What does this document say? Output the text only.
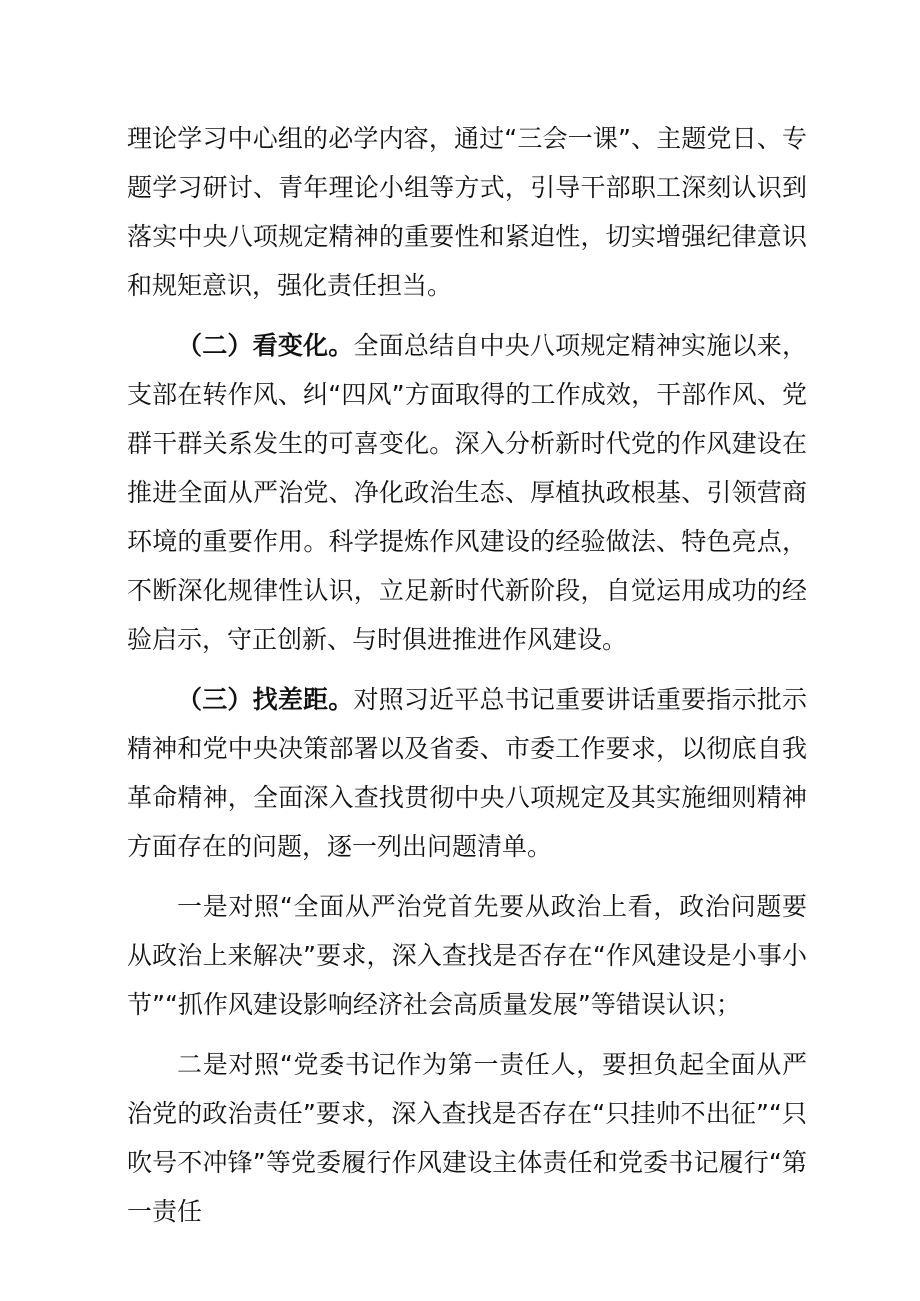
理论学习中心组的必学内容，通过“三会一课”、主题党日、专题学习研讨、青年理论小组等方式，引导干部职工深刻认识到落实中央八项规定精神的重要性和紧迫性，切实增强纪律意识和规矩意识，强化责任担当。

（二）看变化。全面总结自中央八项规定精神实施以来，支部在转作风、纠“四风”方面取得的工作成效，干部作风、党群干群关系发生的可喜变化。深入分析新时代党的作风建设在推进全面从严治党、净化政治生态、厚植执政根基、引领营商环境的重要作用。科学提炼作风建设的经验做法、特色亮点，不断深化规律性认识，立足新时代新阶段，自觉运用成功的经验启示，守正创新、与时俱进推进作风建设。

（三）找差距。对照习近平总书记重要讲话重要指示批示精神和党中央决策部署以及省委、市委工作要求，以彻底自我革命精神，全面深入查找贯彻中央八项规定及其实施细则精神方面存在的问题，逐一列出问题清单。

一是对照“全面从严治党首先要从政治上看，政治问题要从政治上来解决”要求，深入查找是否存在“作风建设是小事小节”“抓作风建设影响经济社会高质量发展”等错误认识；

二是对照“党委书记作为第一责任人，要担负起全面从严治党的政治责任”要求，深入查找是否存在“只挂帅不出征”“只吹号不冲锋”等党委履行作风建设主体责任和党委书记履行“第一责任
